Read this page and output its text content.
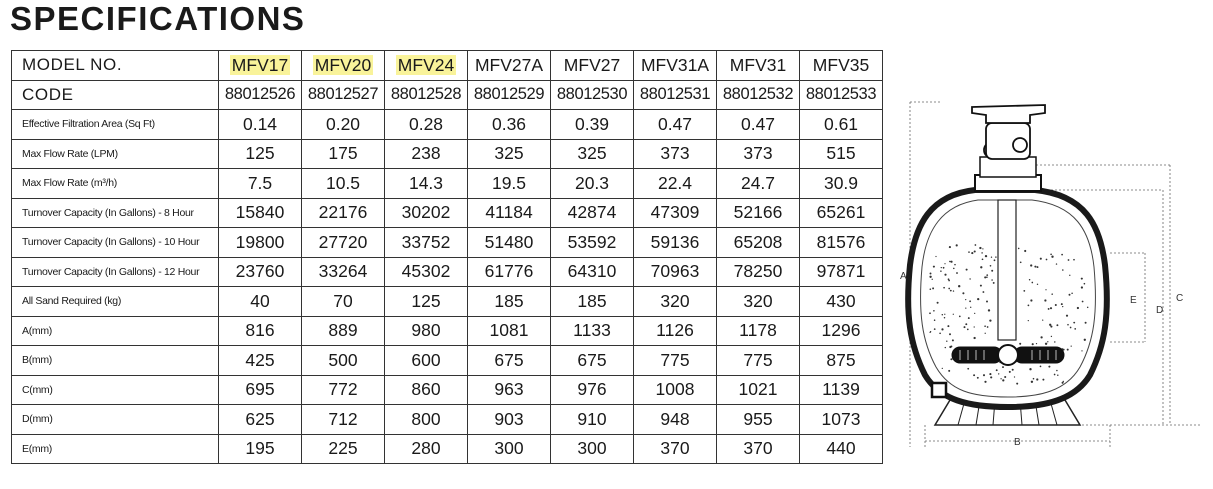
SPECIFICATIONS
MODEL NO.	MFV17	MFV20	MFV24	MFV27A	MFV27	MFV31A	MFV31	MFV35
CODE	88012526	88012527	88012528	88012529	88012530	88012531	88012532	88012533
Effective Filtration Area (Sq Ft)	0.14	0.20	0.28	0.36	0.39	0.47	0.47	0.61
Max Flow Rate (LPM)	125	175	238	325	325	373	373	515
Max Flow Rate (m³/h)	7.5	10.5	14.3	19.5	20.3	22.4	24.7	30.9
Turnover Capacity (In Gallons) - 8 Hour	15840	22176	30202	41184	42874	47309	52166	65261
Turnover Capacity (In Gallons) - 10 Hour	19800	27720	33752	51480	53592	59136	65208	81576
Turnover Capacity (In Gallons) - 12 Hour	23760	33264	45302	61776	64310	70963	78250	97871
All Sand Required (kg)	40	70	125	185	185	320	320	430
A(mm)	816	889	980	1081	1133	1126	1178	1296
B(mm)	425	500	600	675	675	775	775	875
C(mm)	695	772	860	963	976	1008	1021	1139
D(mm)	625	712	800	903	910	948	955	1073
E(mm)	195	225	280	300	300	370	370	440
A
B
C
D
E
